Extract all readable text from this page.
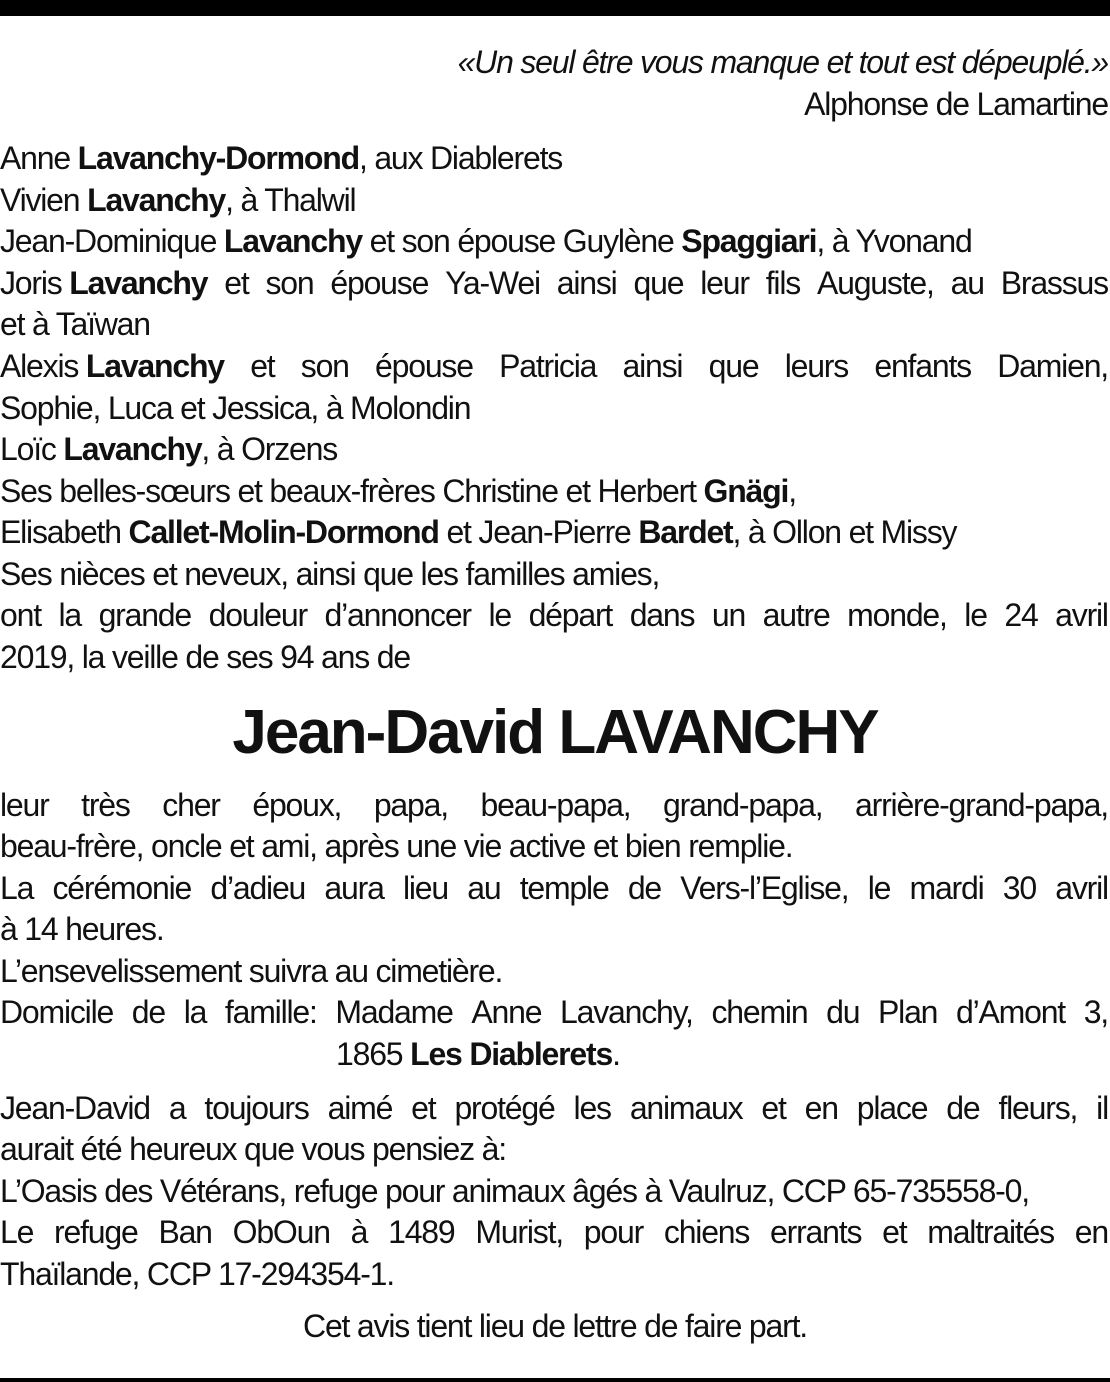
«Un seul être vous manque et tout est dépeuplé.»
Alphonse de Lamartine
Anne Lavanchy-Dormond, aux Diablerets
Vivien Lavanchy, à Thalwil
Jean-Dominique Lavanchy et son épouse Guylène Spaggiari, à Yvonand
Joris Lavanchy et son épouse Ya-Wei ainsi que leur fils Auguste, au Brassus
et à Taïwan
Alexis Lavanchy et son épouse Patricia ainsi que leurs enfants Damien,
Sophie, Luca et Jessica, à Molondin
Loïc Lavanchy, à Orzens
Ses belles-sœurs et beaux-frères Christine et Herbert Gnägi,
Elisabeth Callet-Molin-Dormond et Jean-Pierre Bardet, à Ollon et Missy
Ses nièces et neveux, ainsi que les familles amies,
ont la grande douleur d’annoncer le départ dans un autre monde, le 24 avril
2019, la veille de ses 94 ans de
Jean-David LAVANCHY
leur très cher époux, papa, beau-papa, grand-papa, arrière-grand-papa,
beau-frère, oncle et ami, après une vie active et bien remplie.
La cérémonie d’adieu aura lieu au temple de Vers-l’Eglise, le mardi 30 avril
à 14 heures.
L’ensevelissement suivra au cimetière.
Domicile de la famille: Madame Anne Lavanchy, chemin du Plan d’Amont 3,
1865 Les Diablerets.
Jean-David a toujours aimé et protégé les animaux et en place de fleurs, il
aurait été heureux que vous pensiez à:
L’Oasis des Vétérans, refuge pour animaux âgés à Vaulruz, CCP 65-735558-0,
Le refuge Ban ObOun à 1489 Murist, pour chiens errants et maltraités en
Thaïlande, CCP 17-294354-1.
Cet avis tient lieu de lettre de faire part.
